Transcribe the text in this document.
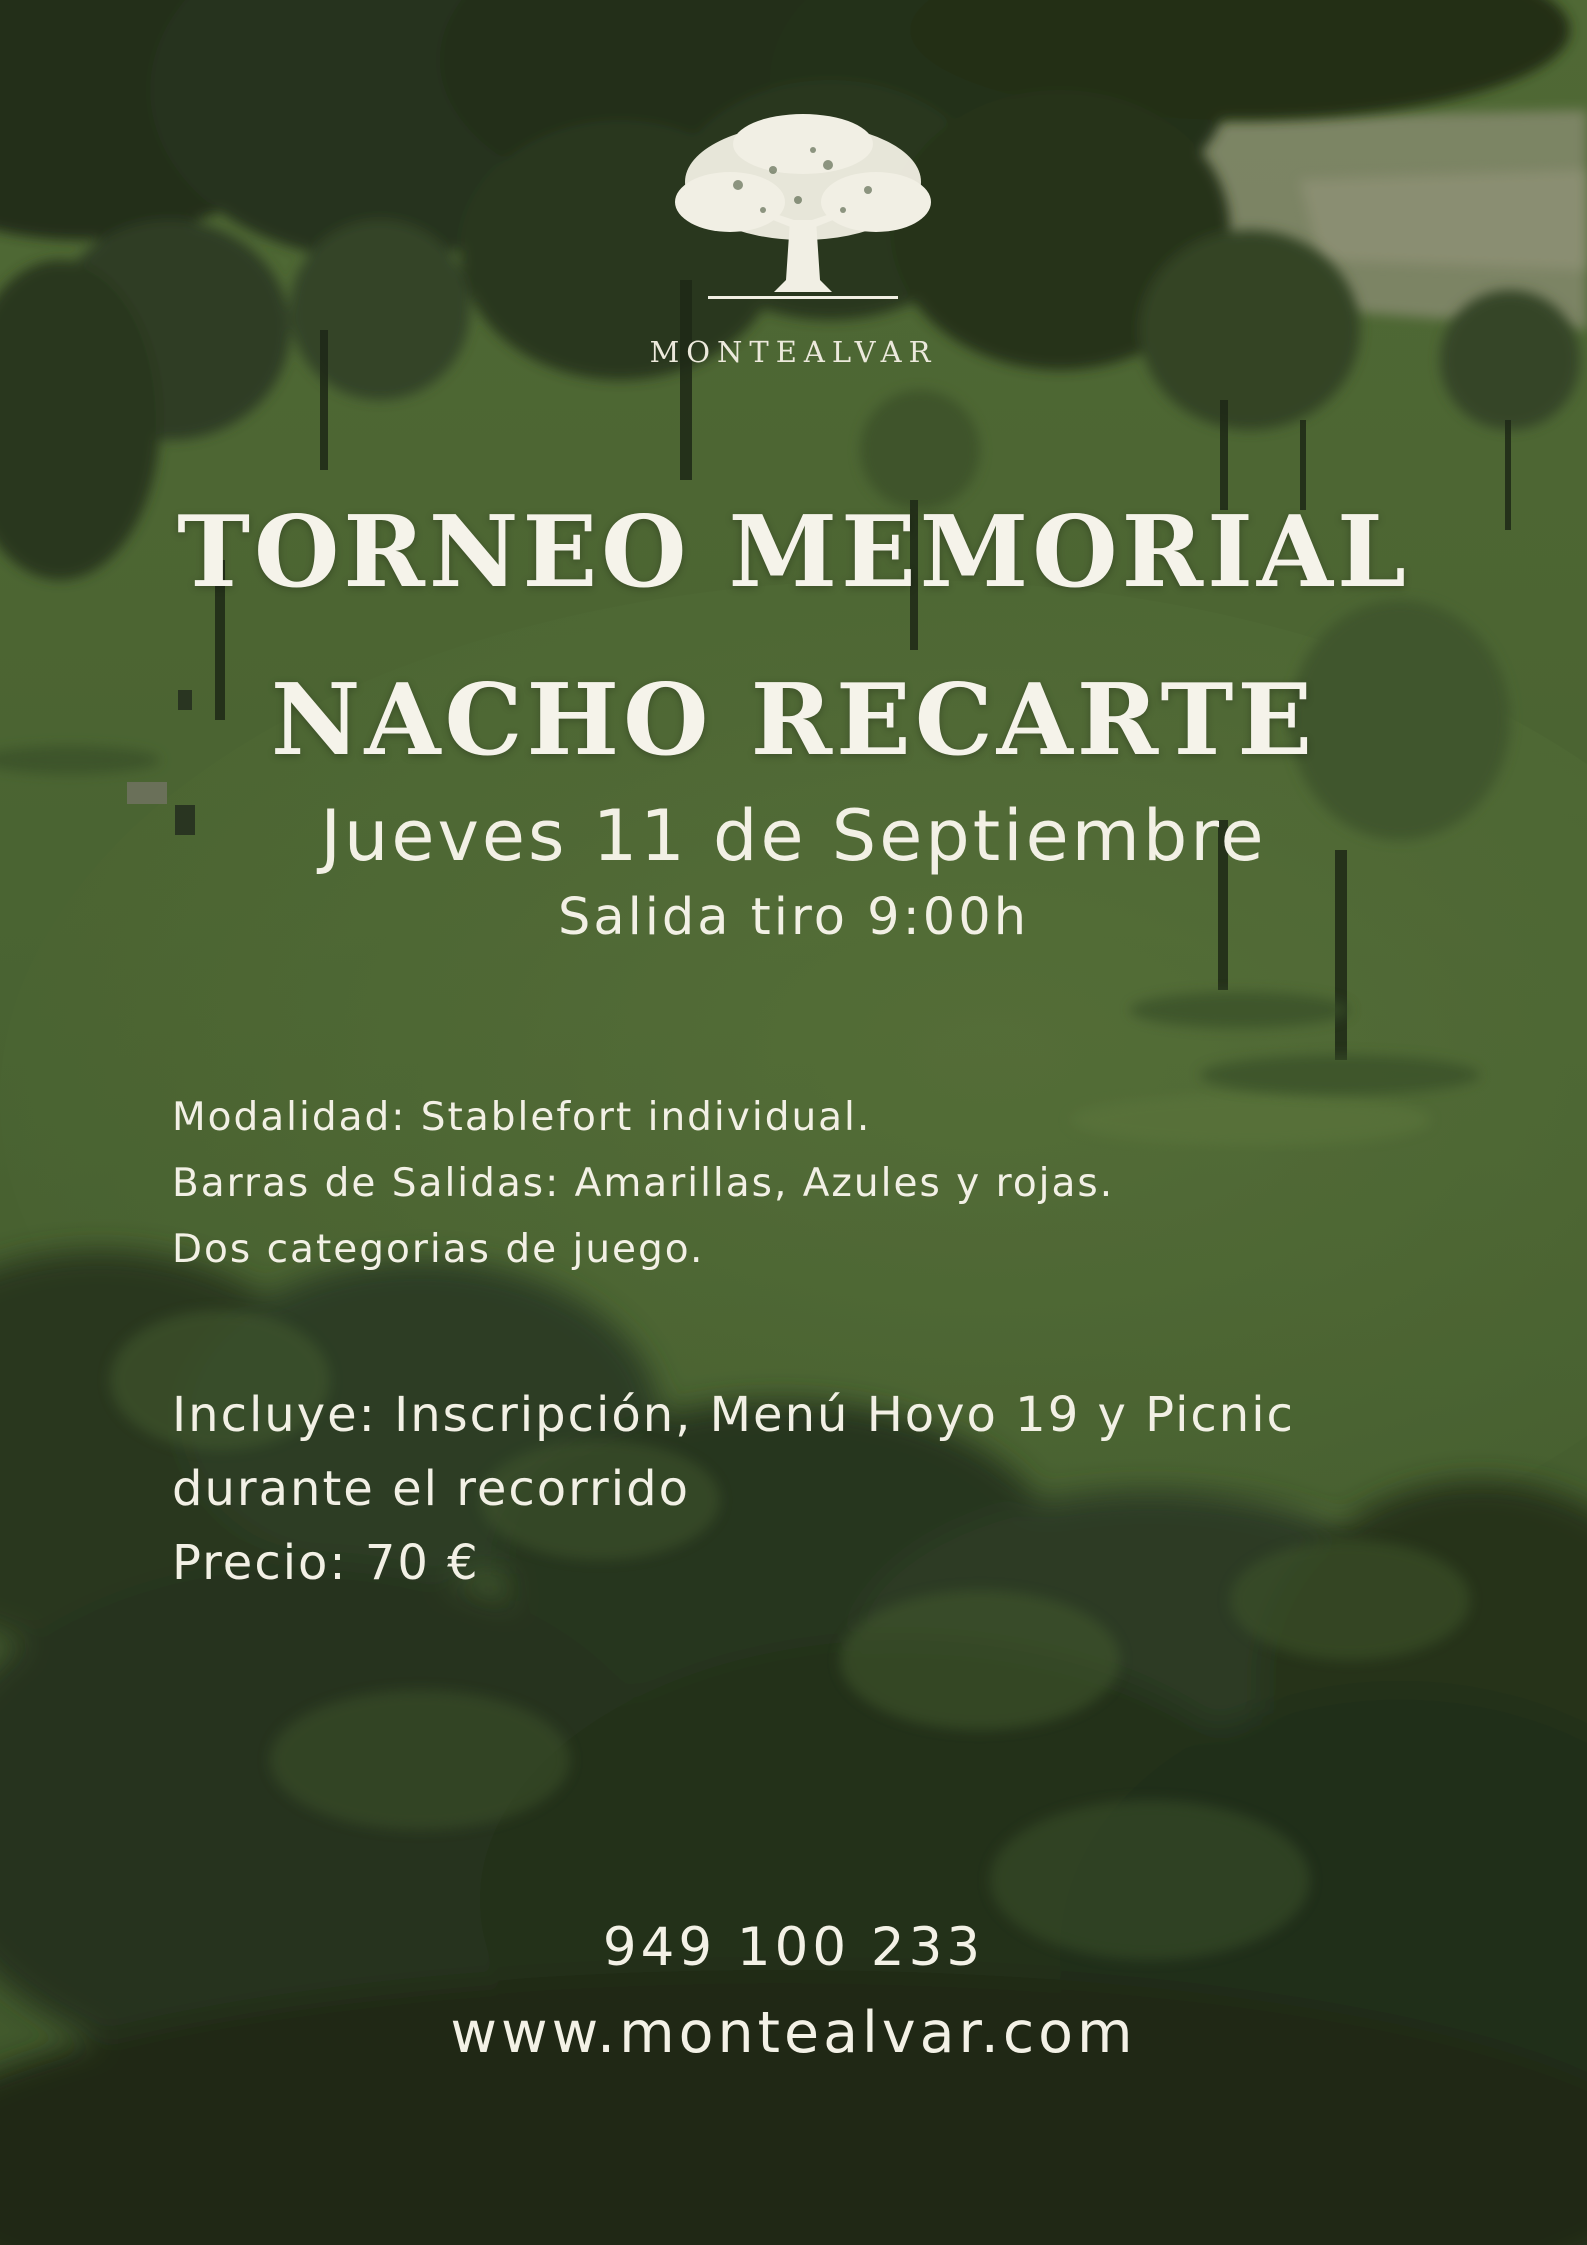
MONTEALVAR
TORNEO MEMORIAL
NACHO RECARTE
Jueves 11 de Septiembre
Salida tiro 9:00h
Modalidad: Stablefort individual.
Barras de Salidas: Amarillas, Azules y rojas.
Dos categorias de juego.
Incluye: Inscripción, Menú Hoyo 19 y Picnic
durante el recorrido
Precio: 70 €
949 100 233
www.montealvar.com
